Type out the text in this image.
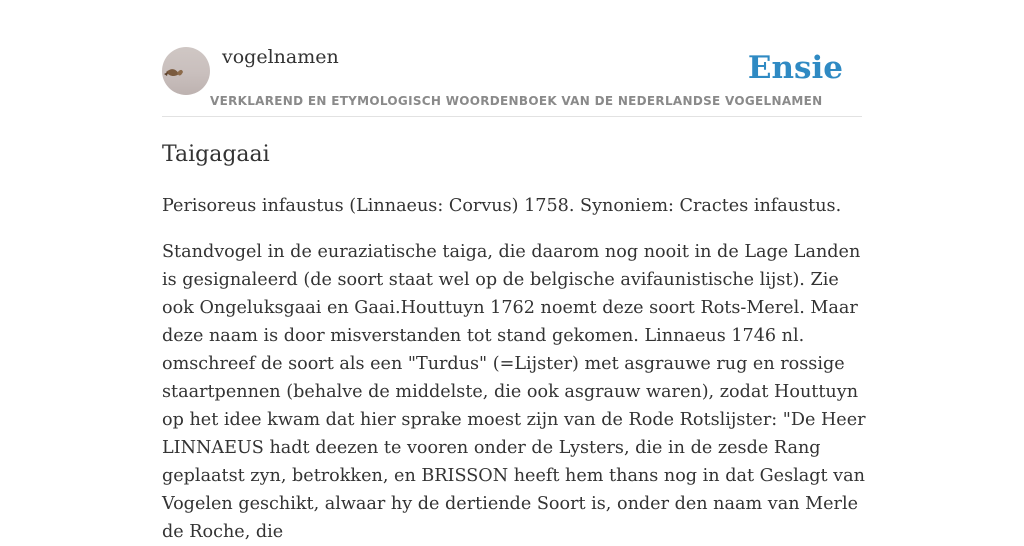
vogelnamen
VERKLAREND EN ETYMOLOGISCH WOORDENBOEK VAN DE NEDERLANDSE VOGELNAMEN
Ensie
Taigagaai

Perisoreus infaustus (Linnaeus: Corvus) 1758. Synoniem: Cractes infaustus.

Standvogel in de euraziatische taiga, die daarom nog nooit in de Lage Landen is gesignaleerd (de soort staat wel op de belgische avifaunistische lijst). Zie ook Ongeluksgaai en Gaai.Houttuyn 1762 noemt deze soort Rots-Merel. Maar deze naam is door misverstanden tot stand gekomen. Linnaeus 1746 nl. omschreef de soort als een "Turdus" (=Lijster) met asgrauwe rug en rossige staartpennen (behalve de middelste, die ook asgrauw waren), zodat Houttuyn op het idee kwam dat hier sprake moest zijn van de Rode Rotslijster: "De Heer LINNAEUS hadt deezen te vooren onder de Lysters, die in de zesde Rang geplaatst zyn, betrokken, en BRISSON heeft hem thans nog in dat Geslagt van Vogelen geschikt, alwaar hy de dertiende Soort is, onder den naam van Merle de Roche, die
